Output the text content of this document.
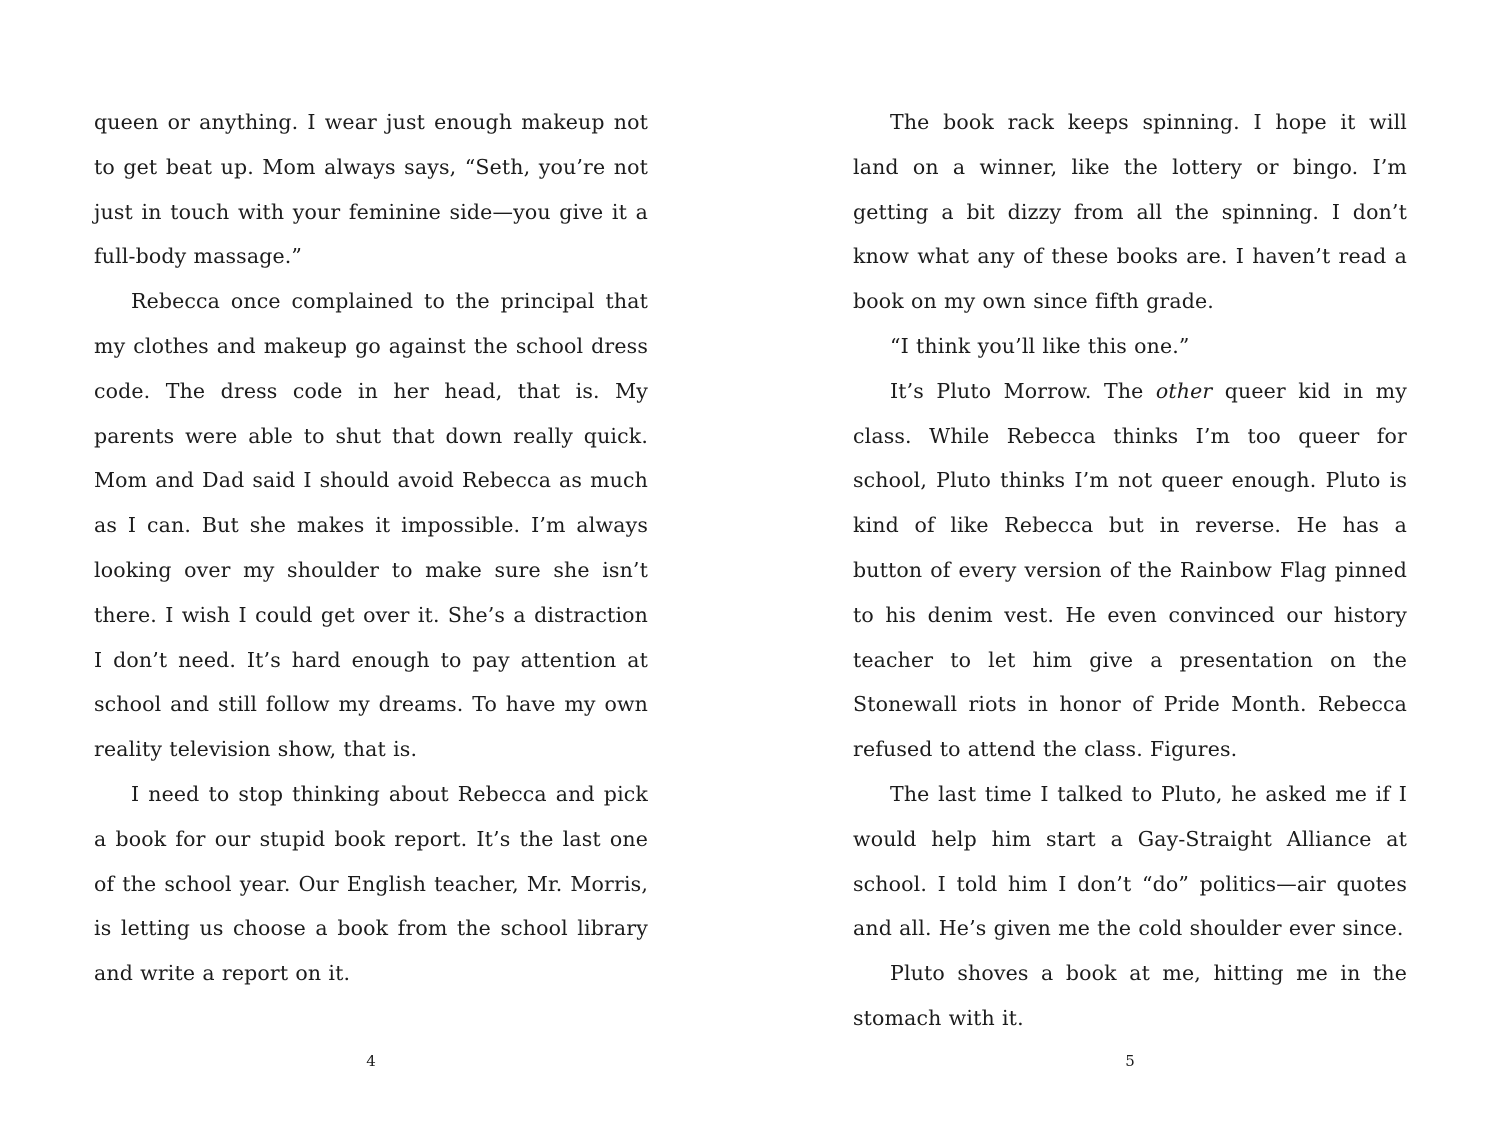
queen or anything. I wear just enough makeup not to get beat up. Mom always says, “Seth, you’re not just in touch with your feminine side—you give it a full-body massage.”

Rebecca once complained to the principal that my clothes and makeup go against the school dress code. The dress code in her head, that is. My parents were able to shut that down really quick. Mom and Dad said I should avoid Rebecca as much as I can. But she makes it impossible. I’m always looking over my shoulder to make sure she isn’t there. I wish I could get over it. She’s a distraction I don’t need. It’s hard enough to pay attention at school and still follow my dreams. To have my own reality television show, that is.

I need to stop thinking about Rebecca and pick a book for our stupid book report. It’s the last one of the school year. Our English teacher, Mr. Morris, is letting us choose a book from the school library and write a report on it.

4

The book rack keeps spinning. I hope it will land on a winner, like the lottery or bingo. I’m getting a bit dizzy from all the spinning. I don’t know what any of these books are. I haven’t read a book on my own since fifth grade.

“I think you’ll like this one.”

It’s Pluto Morrow. The other queer kid in my class. While Rebecca thinks I’m too queer for school, Pluto thinks I’m not queer enough. Pluto is kind of like Rebecca but in reverse. He has a button of every version of the Rainbow Flag pinned to his denim vest. He even convinced our history teacher to let him give a presentation on the Stonewall riots in honor of Pride Month. Rebecca refused to attend the class. Figures.

The last time I talked to Pluto, he asked me if I would help him start a Gay-Straight Alliance at school. I told him I don’t “do” politics—air quotes and all. He’s given me the cold shoulder ever since.

Pluto shoves a book at me, hitting me in the stomach with it.

5
